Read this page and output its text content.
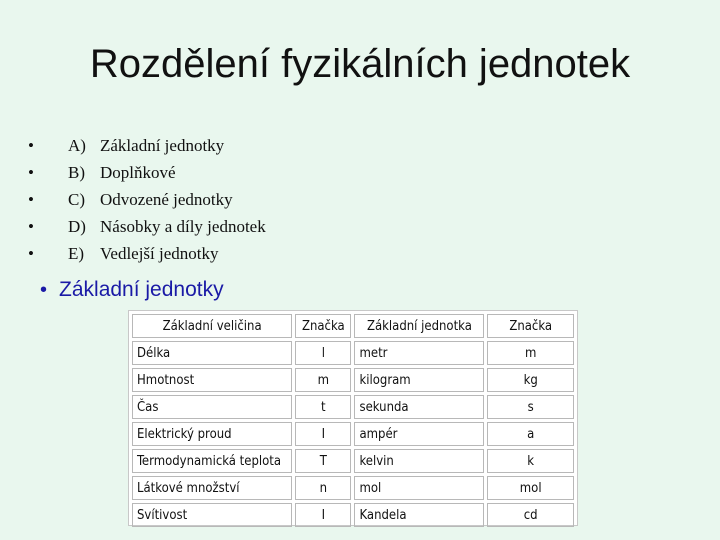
Rozdělení fyzikálních jednotek
•	A) Základní jednotky
•	B) Doplňkové
•	C) Odvozené jednotky
•	D) Násobky a díly jednotek
•	E) Vedlejší jednotky
• Základní jednotky
Základní veličina	Značka	Základní jednotka	Značka
Délka	l	metr	m
Hmotnost	m	kilogram	kg
Čas	t	sekunda	s
Elektrický proud	I	ampér	a
Termodynamická teplota	T	kelvin	k
Látkové množství	n	mol	mol
Svítivost	I	Kandela	cd
